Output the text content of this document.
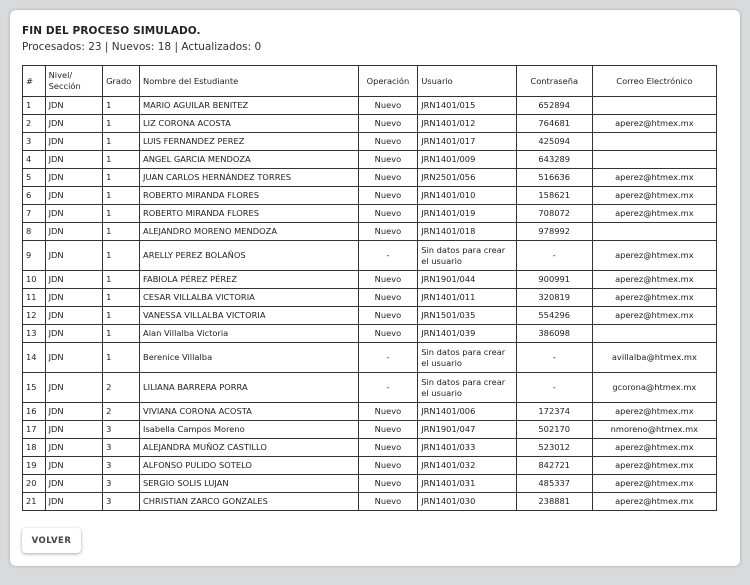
FIN DEL PROCESO SIMULADO.
Procesados: 23 | Nuevos: 18 | Actualizados: 0
#	Nivel/ Sección	Grado	Nombre del Estudiante	Operación	Usuario	Contraseña	Correo Electrónico
1	JDN	1	MARIO AGUILAR BENITEZ	Nuevo	JRN1401/015	652894	
2	JDN	1	LIZ CORONA ACOSTA	Nuevo	JRN1401/012	764681	aperez@htmex.mx
3	JDN	1	LUIS FERNANDEZ PEREZ	Nuevo	JRN1401/017	425094	
4	JDN	1	ANGEL GARCIA MENDOZA	Nuevo	JRN1401/009	643289	
5	JDN	1	JUAN CARLOS HERNÁNDEZ TORRES	Nuevo	JRN2501/056	516636	aperez@htmex.mx
6	JDN	1	ROBERTO MIRANDA FLORES	Nuevo	JRN1401/010	158621	aperez@htmex.mx
7	JDN	1	ROBERTO MIRANDA FLORES	Nuevo	JRN1401/019	708072	aperez@htmex.mx
8	JDN	1	ALEJANDRO MORENO MENDOZA	Nuevo	JRN1401/018	978992	
9	JDN	1	ARELLY PEREZ BOLAÑOS	-	Sin datos para crear el usuario	-	aperez@htmex.mx
10	JDN	1	FABIOLA PÉREZ PÉREZ	Nuevo	JRN1901/044	900991	aperez@htmex.mx
11	JDN	1	CESAR VILLALBA VICTORIA	Nuevo	JRN1401/011	320819	aperez@htmex.mx
12	JDN	1	VANESSA VILLALBA VICTORIA	Nuevo	JRN1501/035	554296	aperez@htmex.mx
13	JDN	1	Alan Villalba Victoria	Nuevo	JRN1401/039	386098	
14	JDN	1	Berenice Villalba	-	Sin datos para crear el usuario	-	avillalba@htmex.mx
15	JDN	2	LILIANA BARRERA PORRA	-	Sin datos para crear el usuario	-	gcorona@htmex.mx
16	JDN	2	VIVIANA CORONA ACOSTA	Nuevo	JRN1401/006	172374	aperez@htmex.mx
17	JDN	3	Isabella Campos Moreno	Nuevo	JRN1901/047	502170	nmoreno@htmex.mx
18	JDN	3	ALEJANDRA MUÑOZ CASTILLO	Nuevo	JRN1401/033	523012	aperez@htmex.mx
19	JDN	3	ALFONSO PULIDO SOTELO	Nuevo	JRN1401/032	842721	aperez@htmex.mx
20	JDN	3	SERGIO SOLIS LUJAN	Nuevo	JRN1401/031	485337	aperez@htmex.mx
21	JDN	3	CHRISTIAN ZARCO GONZALES	Nuevo	JRN1401/030	238881	aperez@htmex.mx
VOLVER
